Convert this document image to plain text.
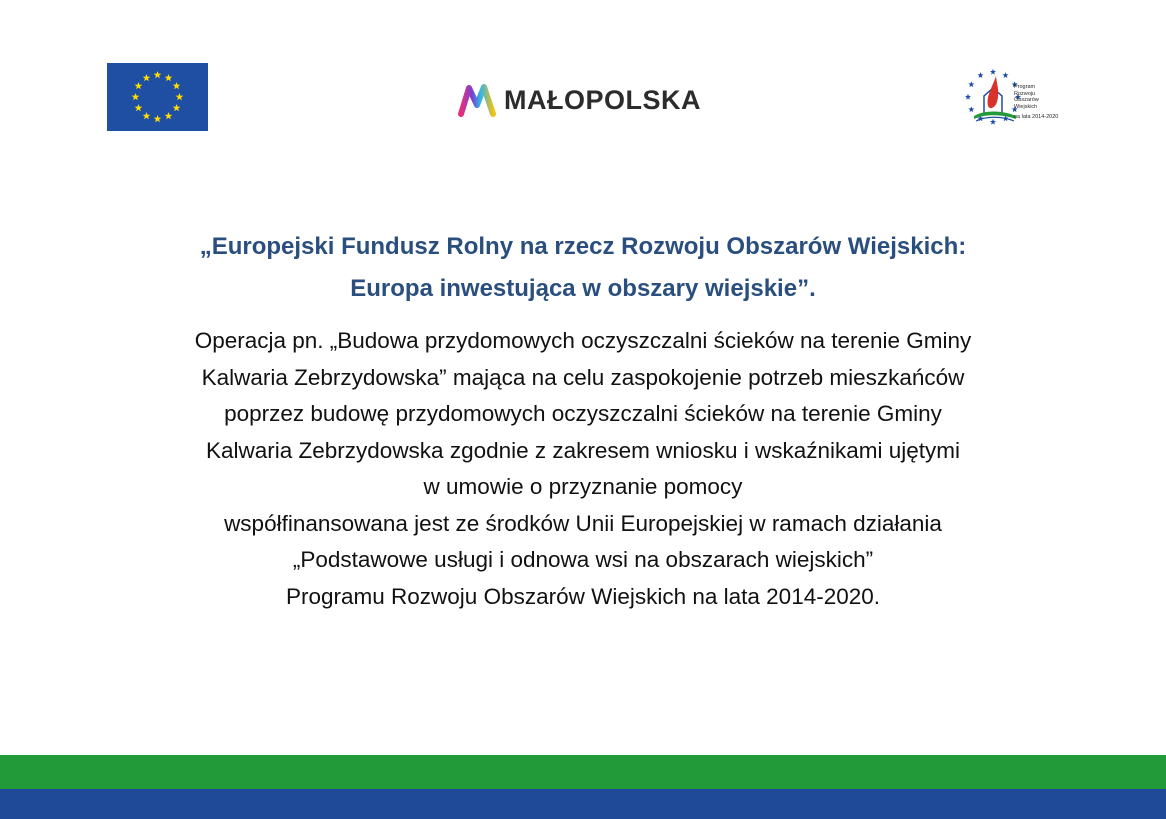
MAŁOPOLSKA	Program
Rozwoju
Obszarów
Wiejskich
na lata 2014-2020
„Europejski Fundusz Rolny na rzecz Rozwoju Obszarów Wiejskich:
Europa inwestująca w obszary wiejskie”.
Operacja pn. „Budowa przydomowych oczyszczalni ścieków na terenie Gminy
Kalwaria Zebrzydowska” mająca na celu zaspokojenie potrzeb mieszkańców
poprzez budowę przydomowych oczyszczalni ścieków na terenie Gminy
Kalwaria Zebrzydowska zgodnie z zakresem wniosku i wskaźnikami ujętymi
w umowie o przyznanie pomocy
współfinansowana jest ze środków Unii Europejskiej w ramach działania
„Podstawowe usługi i odnowa wsi na obszarach wiejskich”
Programu Rozwoju Obszarów Wiejskich na lata 2014-2020.
